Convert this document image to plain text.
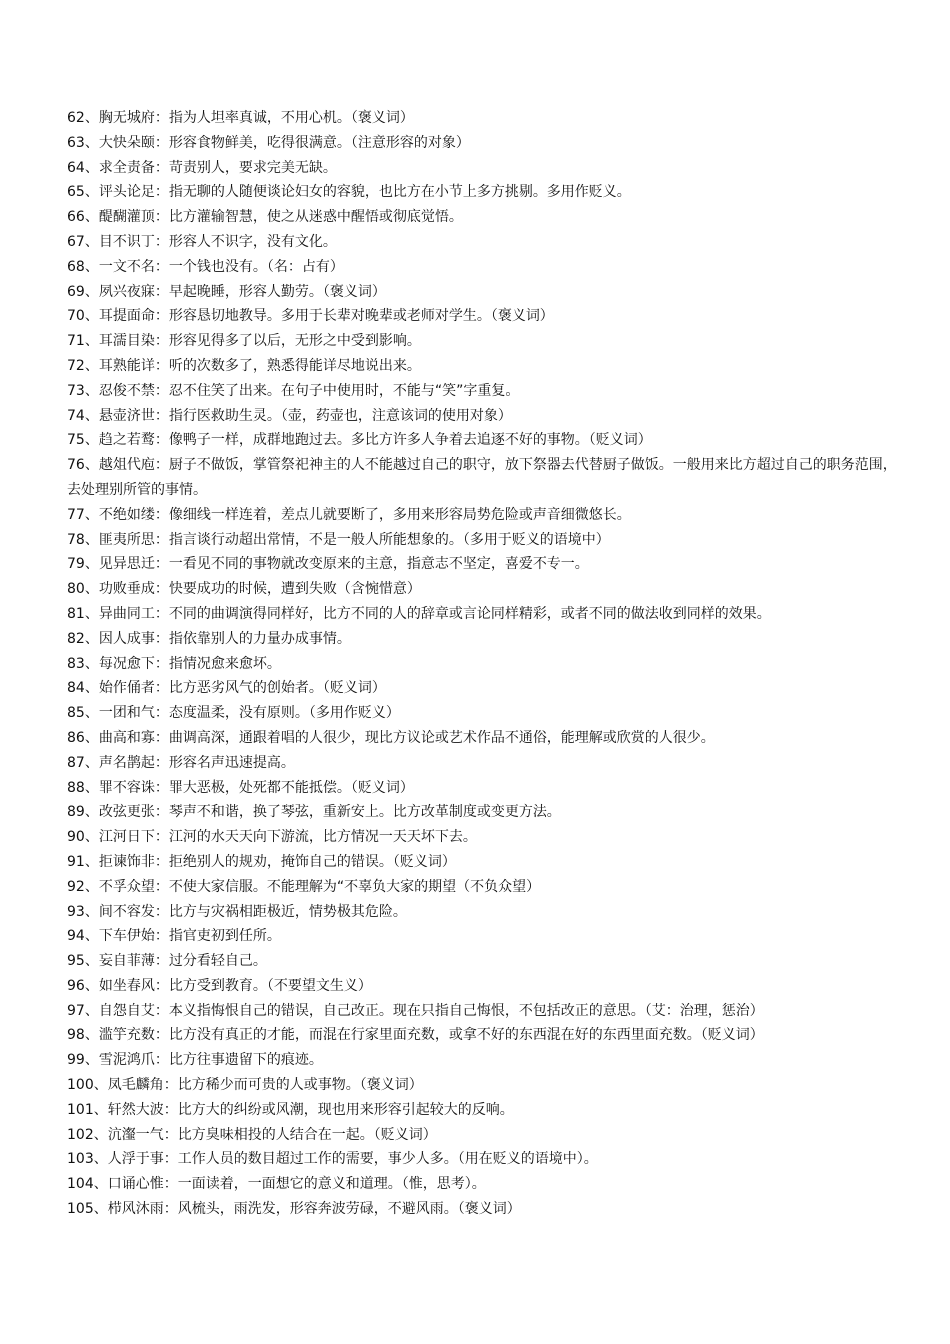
62、胸无城府：指为人坦率真诚，不用心机。（褒义词）

63、大快朵颐：形容食物鲜美，吃得很满意。（注意形容的对象）

64、求全责备：苛责别人，要求完美无缺。

65、评头论足：指无聊的人随便谈论妇女的容貌，也比方在小节上多方挑剔。多用作贬义。

66、醍醐灌顶：比方灌输智慧，使之从迷惑中醒悟或彻底觉悟。

67、目不识丁：形容人不识字，没有文化。

68、一文不名：一个钱也没有。（名：占有）

69、夙兴夜寐：早起晚睡，形容人勤劳。（褒义词）

70、耳提面命：形容恳切地教导。多用于长辈对晚辈或老师对学生。（褒义词）

71、耳濡目染：形容见得多了以后，无形之中受到影响。

72、耳熟能详：听的次数多了，熟悉得能详尽地说出来。

73、忍俊不禁：忍不住笑了出来。在句子中使用时，不能与“笑”字重复。

74、悬壶济世：指行医救助生灵。（壶，药壶也，注意该词的使用对象）

75、趋之若鹜：像鸭子一样，成群地跑过去。多比方许多人争着去追逐不好的事物。（贬义词）

76、越俎代庖：厨子不做饭，掌管祭祀神主的人不能越过自己的职守，放下祭器去代替厨子做饭。一般用来比方超过自己的职务范围，去处理别所管的事情。

77、不绝如缕：像细线一样连着，差点儿就要断了，多用来形容局势危险或声音细微悠长。

78、匪夷所思：指言谈行动超出常情，不是一般人所能想象的。（多用于贬义的语境中）

79、见异思迁：一看见不同的事物就改变原来的主意，指意志不坚定，喜爱不专一。

80、功败垂成：快要成功的时候，遭到失败（含惋惜意）

81、异曲同工：不同的曲调演得同样好，比方不同的人的辞章或言论同样精彩，或者不同的做法收到同样的效果。

82、因人成事：指依靠别人的力量办成事情。

83、每况愈下：指情况愈来愈坏。

84、始作俑者：比方恶劣风气的创始者。（贬义词）

85、一团和气：态度温柔，没有原则。（多用作贬义）

86、曲高和寡：曲调高深，通跟着唱的人很少，现比方议论或艺术作品不通俗，能理解或欣赏的人很少。

87、声名鹊起：形容名声迅速提高。

88、罪不容诛：罪大恶极，处死都不能抵偿。（贬义词）

89、改弦更张：琴声不和谐，换了琴弦，重新安上。比方改革制度或变更方法。

90、江河日下：江河的水天天向下游流，比方情况一天天坏下去。

91、拒谏饰非：拒绝别人的规劝，掩饰自己的错误。（贬义词）

92、不孚众望：不使大家信服。不能理解为“不辜负大家的期望（不负众望）

93、间不容发：比方与灾祸相距极近，情势极其危险。

94、下车伊始：指官吏初到任所。

95、妄自菲薄：过分看轻自己。

96、如坐春风：比方受到教育。（不要望文生义）

97、自怨自艾：本义指悔恨自己的错误，自己改正。现在只指自己悔恨，不包括改正的意思。（艾：治理，惩治）

98、滥竽充数：比方没有真正的才能，而混在行家里面充数，或拿不好的东西混在好的东西里面充数。（贬义词）

99、雪泥鸿爪：比方往事遗留下的痕迹。

100、凤毛麟角：比方稀少而可贵的人或事物。（褒义词）

101、轩然大波：比方大的纠纷或风潮，现也用来形容引起较大的反响。

102、沆瀣一气：比方臭味相投的人结合在一起。（贬义词）

103、人浮于事：工作人员的数目超过工作的需要，事少人多。（用在贬义的语境中）。

104、口诵心惟：一面读着，一面想它的意义和道理。（惟，思考）。

105、栉风沐雨：风梳头，雨洗发，形容奔波劳碌，不避风雨。（褒义词）
